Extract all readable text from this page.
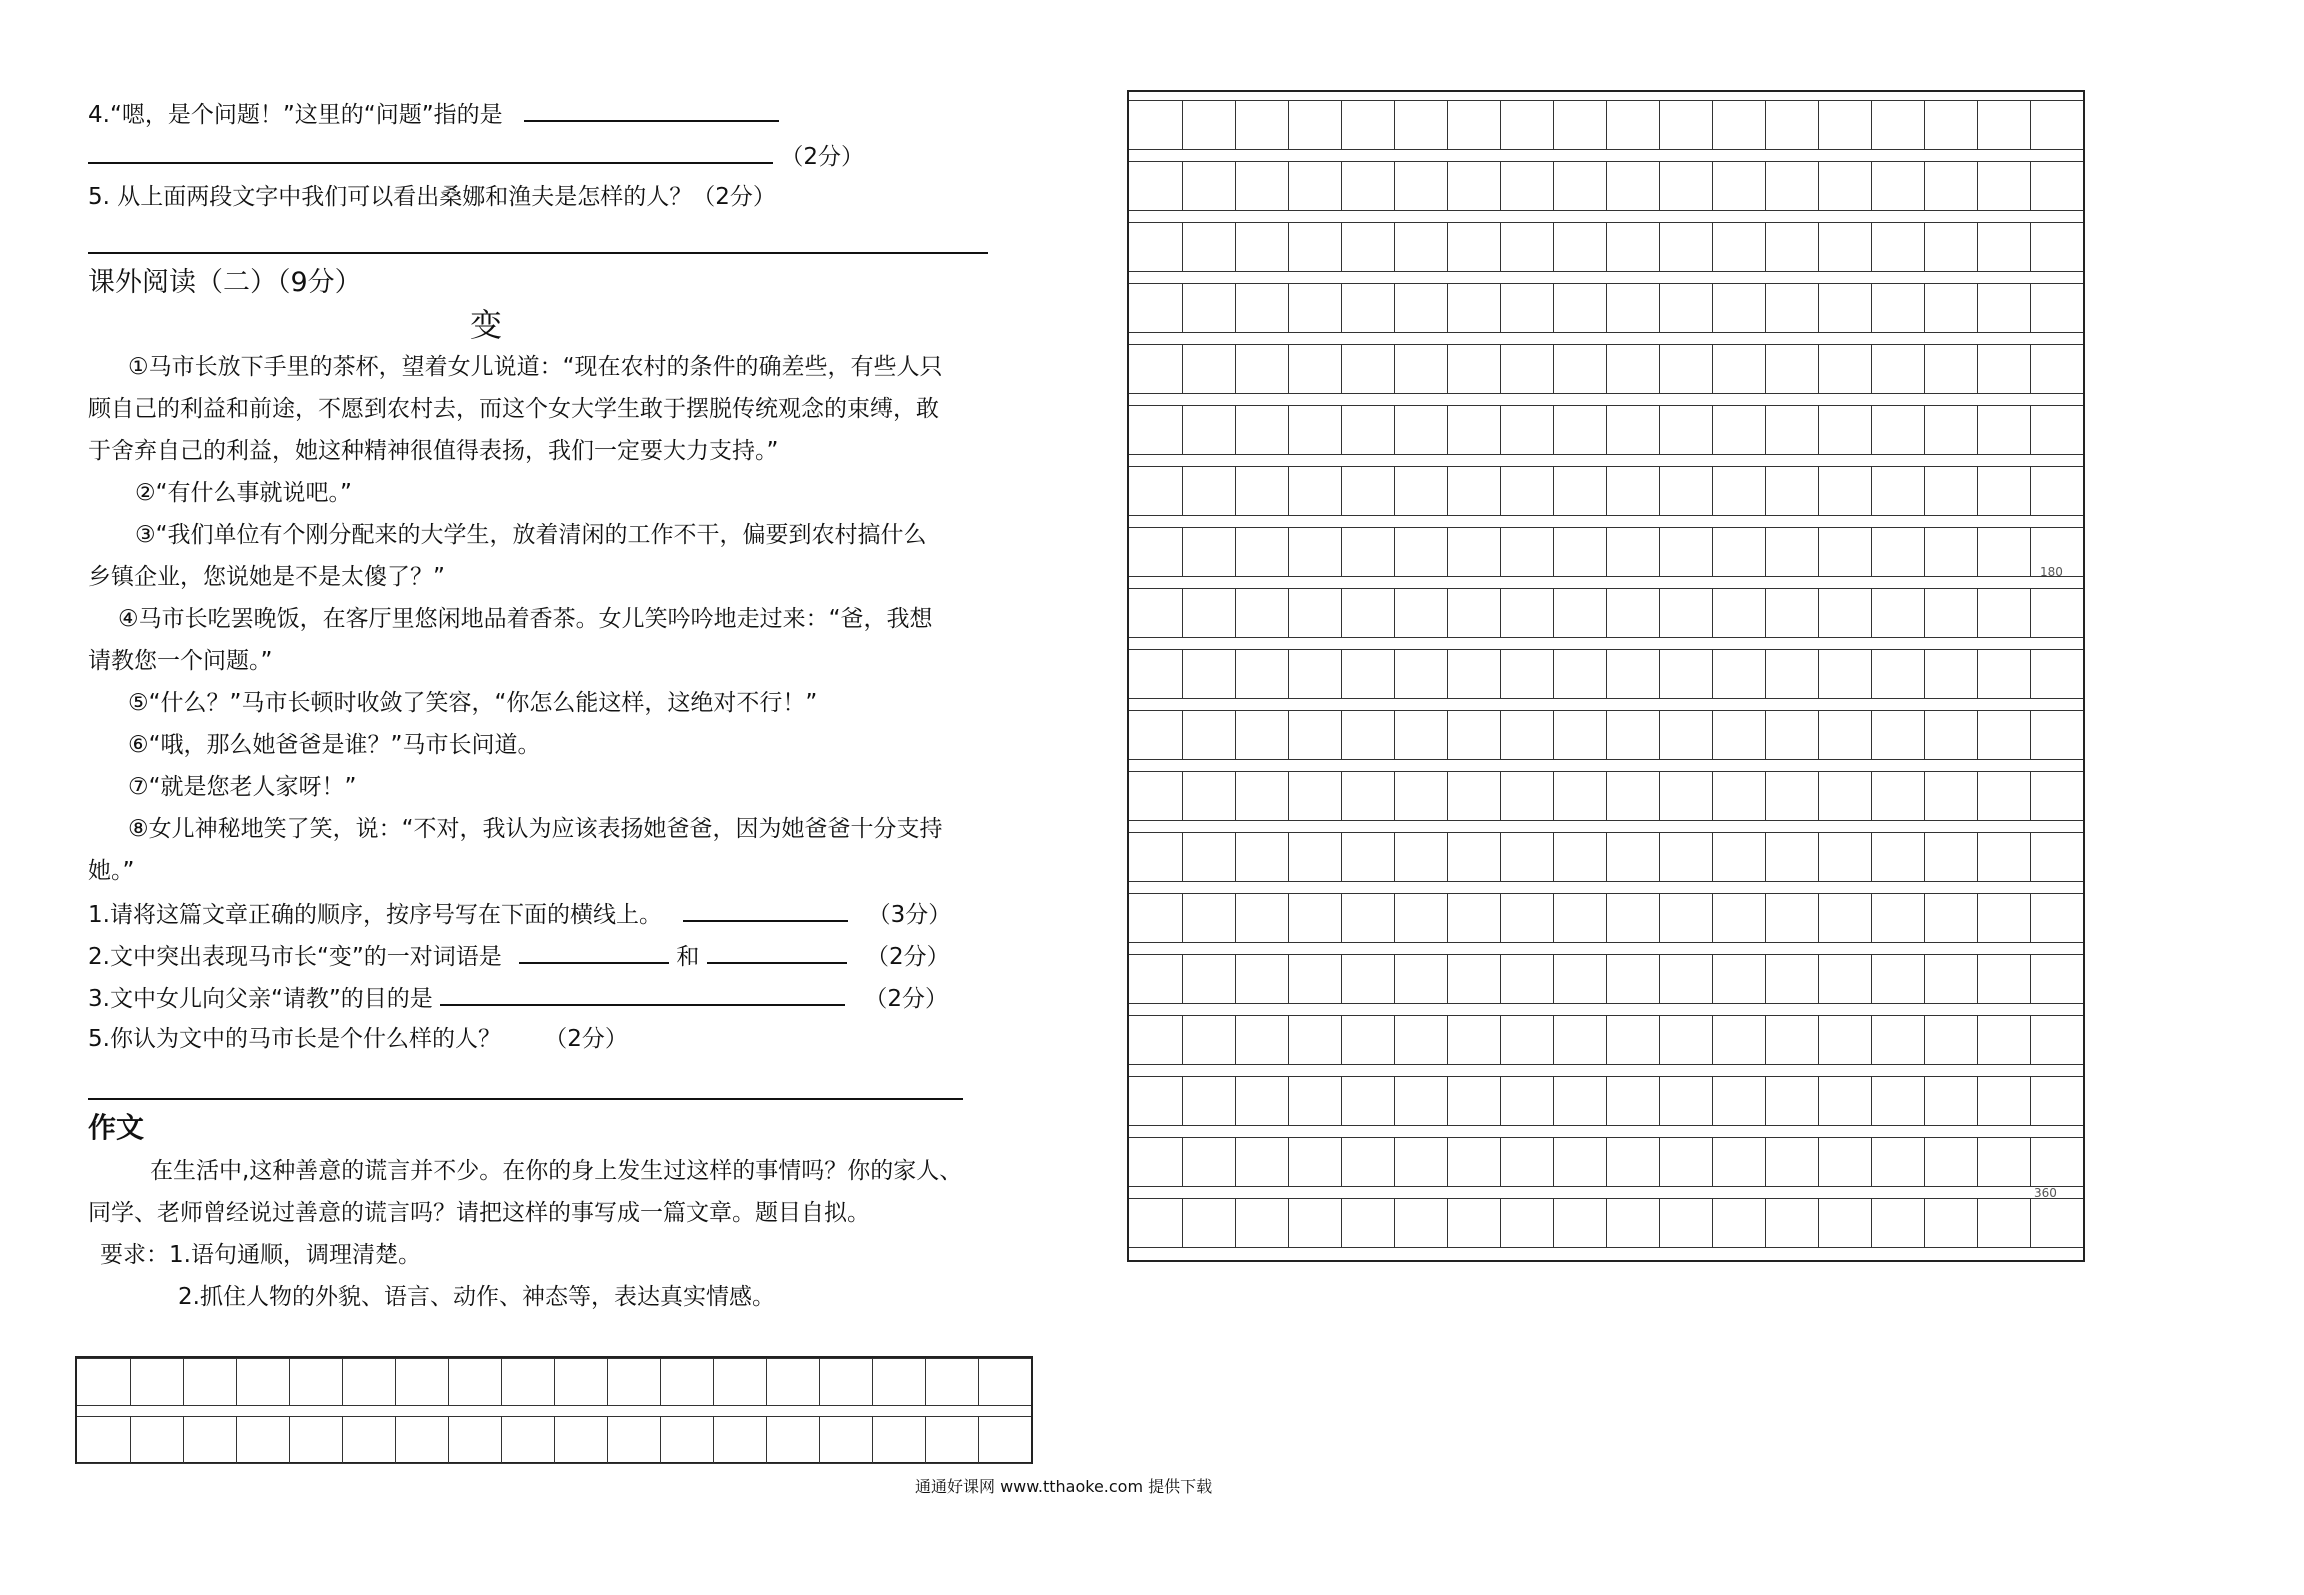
4.“嗯，是个问题！”这里的“问题”指的是
（2分）
5. 从上面两段文字中我们可以看出桑娜和渔夫是怎样的人？（2分）
课外阅读（二）（9分）
变
①马市长放下手里的茶杯，望着女儿说道：“现在农村的条件的确差些，有些人只
顾自己的利益和前途，不愿到农村去，而这个女大学生敢于摆脱传统观念的束缚，敢
于舍弃自己的利益，她这种精神很值得表扬，我们一定要大力支持。”
②“有什么事就说吧。”
③“我们单位有个刚分配来的大学生，放着清闲的工作不干，偏要到农村搞什么
乡镇企业，您说她是不是太傻了？”
④马市长吃罢晚饭，在客厅里悠闲地品着香茶。女儿笑吟吟地走过来：“爸，我想
请教您一个问题。”
⑤“什么？”马市长顿时收敛了笑容，“你怎么能这样，这绝对不行！”
⑥“哦，那么她爸爸是谁？”马市长问道。
⑦“就是您老人家呀！”
⑧女儿神秘地笑了笑，说：“不对，我认为应该表扬她爸爸，因为她爸爸十分支持
她。”
1.请将这篇文章正确的顺序，按序号写在下面的横线上。	（3分）
2.文中突出表现马市长“变”的一对词语是	和	（2分）
3.文中女儿向父亲“请教”的目的是	（2分）
5.你认为文中的马市长是个什么样的人？ （2分）
作文
在生活中,这种善意的谎言并不少。在你的身上发生过这样的事情吗？你的家人、
同学、老师曾经说过善意的谎言吗？请把这样的事写成一篇文章。题目自拟。
要求：1.语句通顺，调理清楚。
2.抓住人物的外貌、语言、动作、神态等，表达真实情感。
180
360
通通好课网 www.tthaoke.com 提供下载
